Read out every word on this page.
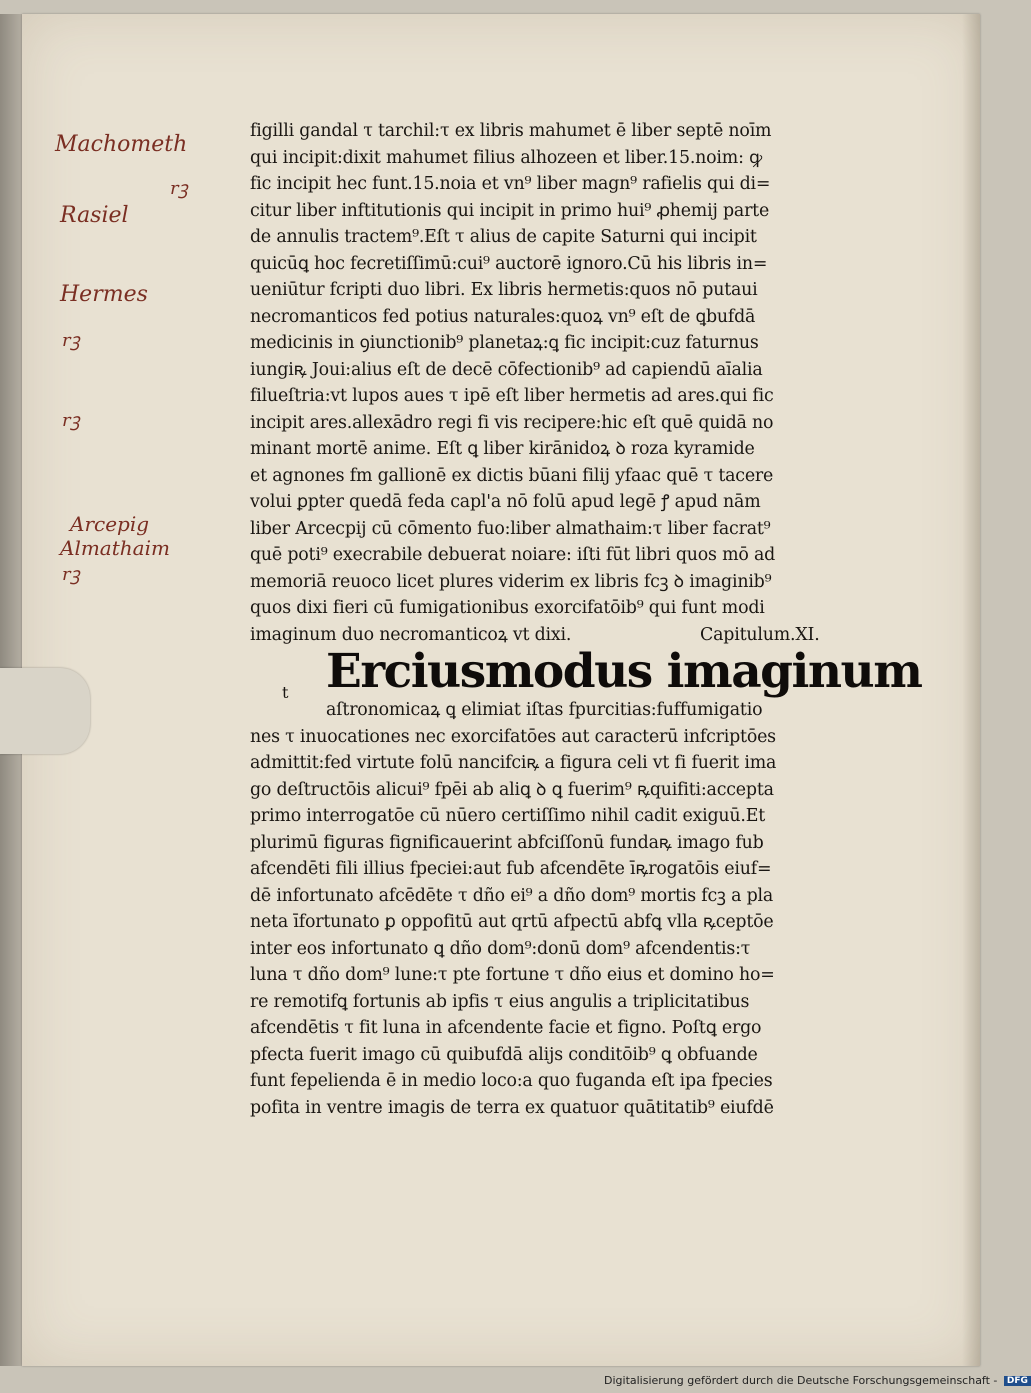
Machometh
rꝫ
Rasiel
Hermes
rꝫ
rꝫ
Arcepig
Almathaim
rꝫ
figilli gandal τ tarchil:τ ex libris mahumet ē liber septē noīm
qui incipit:dixit mahumet filius alhozeen et liber.15.noim: ꝙ
fic incipit hec funt.15.noia et vn⁹ liber magn⁹ rafielis qui di=
citur liber inftitutionis qui incipit in primo hui⁹ ꝓhemij parte
de annulis tractem⁹.Eſt τ alius de capite Saturni qui incipit
quicūꝗ hoc fecretiſſimū:cui⁹ auctorē ignoro.Cū his libris in=
ueniūtur fcripti duo libri. Ex libris hermetis:quos nō putaui
necromanticos fed potius naturales:quoꝝ vn⁹ eſt de ꝗbufdā
medicinis in ꝯiunctionib⁹ planetaꝝ:ꝗ fic incipit:cuz faturnus
iungiꝶ Joui:alius eſt de decē cōfectionib⁹ ad capiendū aīalia
filueſtria:vt lupos aues τ ipē eſt liber hermetis ad ares.qui fic
incipit ares.allexādro regi fi vis recipere:hic eſt quē quidā no
minant mortē anime. Eſt ꝗ liber kirānidoꝝ ꝺ roza kyramide
et agnones fm gallionē ex dictis būani filij yfaac quē τ tacere
volui ꝑpter quedā feda capl'a nō folū apud legē ꝭ apud nām
liber Arcecpij cū cōmento fuo:liber almathaim:τ liber facrat⁹
quē poti⁹ execrabile debuerat noiare: iſti fūt libri quos mō ad
memoriā reuoco licet plures viderim ex libris fcꝫ ꝺ imaginib⁹
quos dixi fieri cū fumigationibus exorcifatōib⁹ qui funt modi
imaginum duo necromanticoꝝ vt dixi.	Capitulum.XI.
t Erciusmodus imaginum
aſtronomicaꝝ ꝗ elimiat iſtas fpurcitias:fuffumigatio
nes τ inuocationes nec exorcifatōes aut caracterū infcriptōes
admittit:fed virtute folū nancifciꝶ a figura celi vt fi fuerit ima
go deſtructōis alicui⁹ fpēi ab aliꝗ ꝺ ꝗ fuerim⁹ ꝶquifiti:accepta
primo interrogatōe cū nūero certiſſimo nihil cadit exiguū.Et
plurimū figuras fignificauerint abfciſſonū fundaꝶ imago fub
afcendēti fili illius fpeciei:aut fub afcendēte īꝶrogatōis eiuf=
dē infortunato afcēdēte τ dño ei⁹ a dño dom⁹ mortis fcꝫ a pla
neta īfortunato ꝑ oppofitū aut qrtū afpectū abfꝗ vlla ꝶceptōe
inter eos infortunato ꝗ dño dom⁹:donū dom⁹ afcendentis:τ
luna τ dño dom⁹ lune:τ pte fortune τ dño eius et domino ho=
re remotifꝗ fortunis ab ipfis τ eius angulis a triplicitatibus
afcendētis τ fit luna in afcendente facie et figno. Poſtꝗ ergo
pfecta fuerit imago cū quibufdā alijs conditōib⁹ ꝗ obfuande
funt fepelienda ē in medio loco:a quo fuganda eſt ipa fpecies
pofita in ventre imagis de terra ex quatuor quātitatib⁹ eiufdē
Digitalisierung gefördert durch die Deutsche Forschungsgemeinschaft - DFG
